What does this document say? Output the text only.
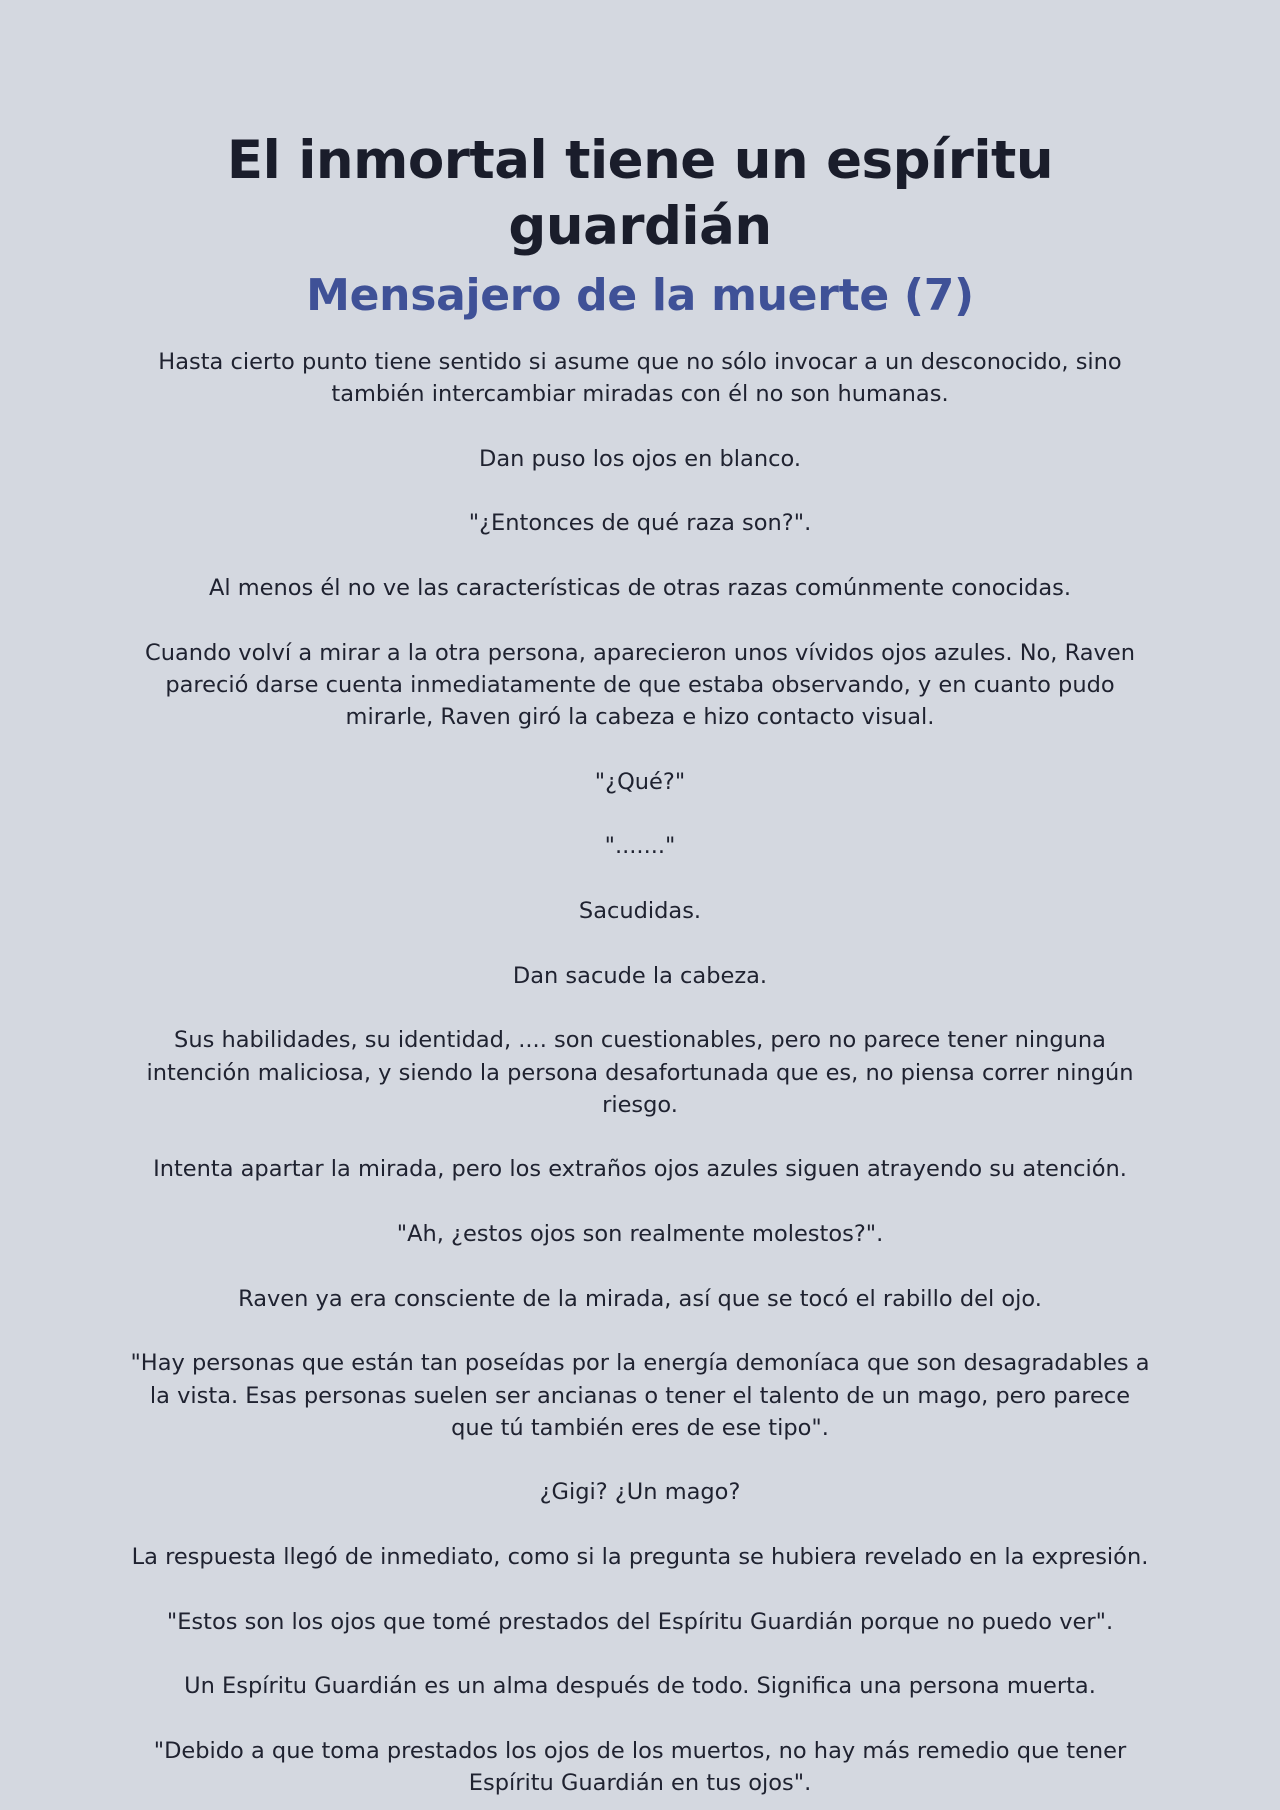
El inmortal tiene un espíritu guardián
Mensajero de la muerte (7)

Hasta cierto punto tiene sentido si asume que no sólo invocar a un desconocido, sino también intercambiar miradas con él no son humanas.

Dan puso los ojos en blanco.

"¿Entonces de qué raza son?".

Al menos él no ve las características de otras razas comúnmente conocidas.

Cuando volví a mirar a la otra persona, aparecieron unos vívidos ojos azules. No, Raven pareció darse cuenta inmediatamente de que estaba observando, y en cuanto pudo mirarle, Raven giró la cabeza e hizo contacto visual.

"¿Qué?"

"......."

Sacudidas.

Dan sacude la cabeza.

Sus habilidades, su identidad, .... son cuestionables, pero no parece tener ninguna intención maliciosa, y siendo la persona desafortunada que es, no piensa correr ningún riesgo.

Intenta apartar la mirada, pero los extraños ojos azules siguen atrayendo su atención.

"Ah, ¿estos ojos son realmente molestos?".

Raven ya era consciente de la mirada, así que se tocó el rabillo del ojo.

"Hay personas que están tan poseídas por la energía demoníaca que son desagradables a la vista. Esas personas suelen ser ancianas o tener el talento de un mago, pero parece que tú también eres de ese tipo".

¿Gigi? ¿Un mago?

La respuesta llegó de inmediato, como si la pregunta se hubiera revelado en la expresión.

"Estos son los ojos que tomé prestados del Espíritu Guardián porque no puedo ver".

Un Espíritu Guardián es un alma después de todo. Significa una persona muerta.

"Debido a que toma prestados los ojos de los muertos, no hay más remedio que tener Espíritu Guardián en tus ojos".
